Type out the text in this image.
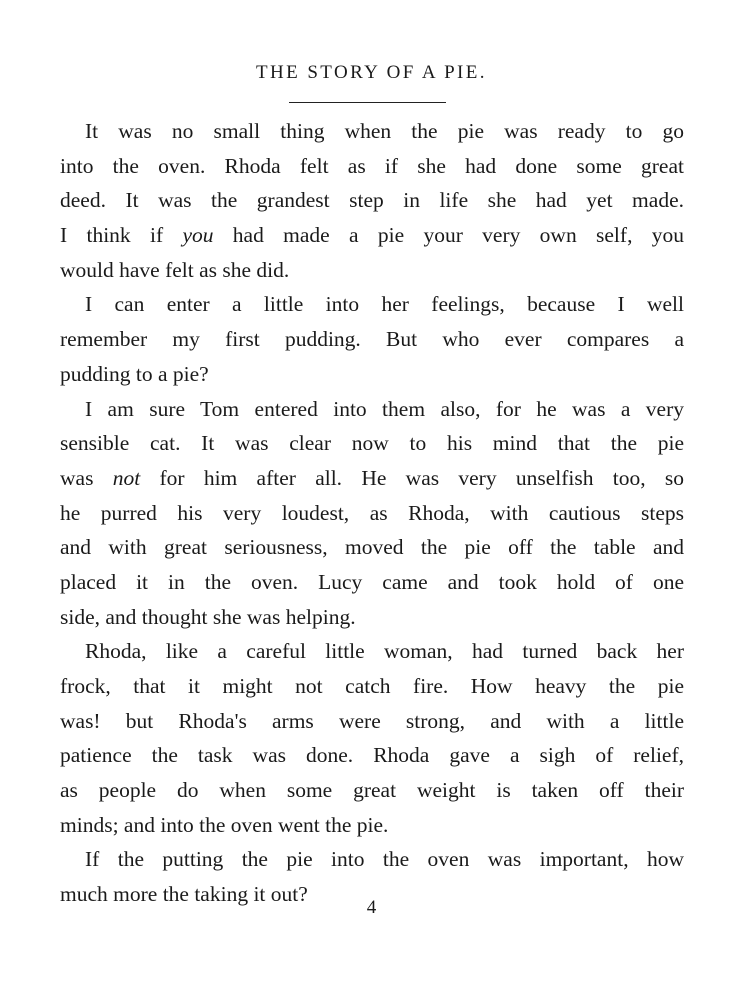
THE STORY OF A PIE.
It was no small thing when the pie was ready to go
into the oven. Rhoda felt as if she had done some great
deed. It was the grandest step in life she had yet made.
I think if you had made a pie your very own self, you
would have felt as she did.
I can enter a little into her feelings, because I well
remember my first pudding. But who ever compares a
pudding to a pie?
I am sure Tom entered into them also, for he was a very
sensible cat. It was clear now to his mind that the pie
was not for him after all. He was very unselfish too, so
he purred his very loudest, as Rhoda, with cautious steps
and with great seriousness, moved the pie off the table and
placed it in the oven. Lucy came and took hold of one
side, and thought she was helping.
Rhoda, like a careful little woman, had turned back her
frock, that it might not catch fire. How heavy the pie
was! but Rhoda's arms were strong, and with a little
patience the task was done. Rhoda gave a sigh of relief,
as people do when some great weight is taken off their
minds; and into the oven went the pie.
If the putting the pie into the oven was important, how
much more the taking it out?
4
